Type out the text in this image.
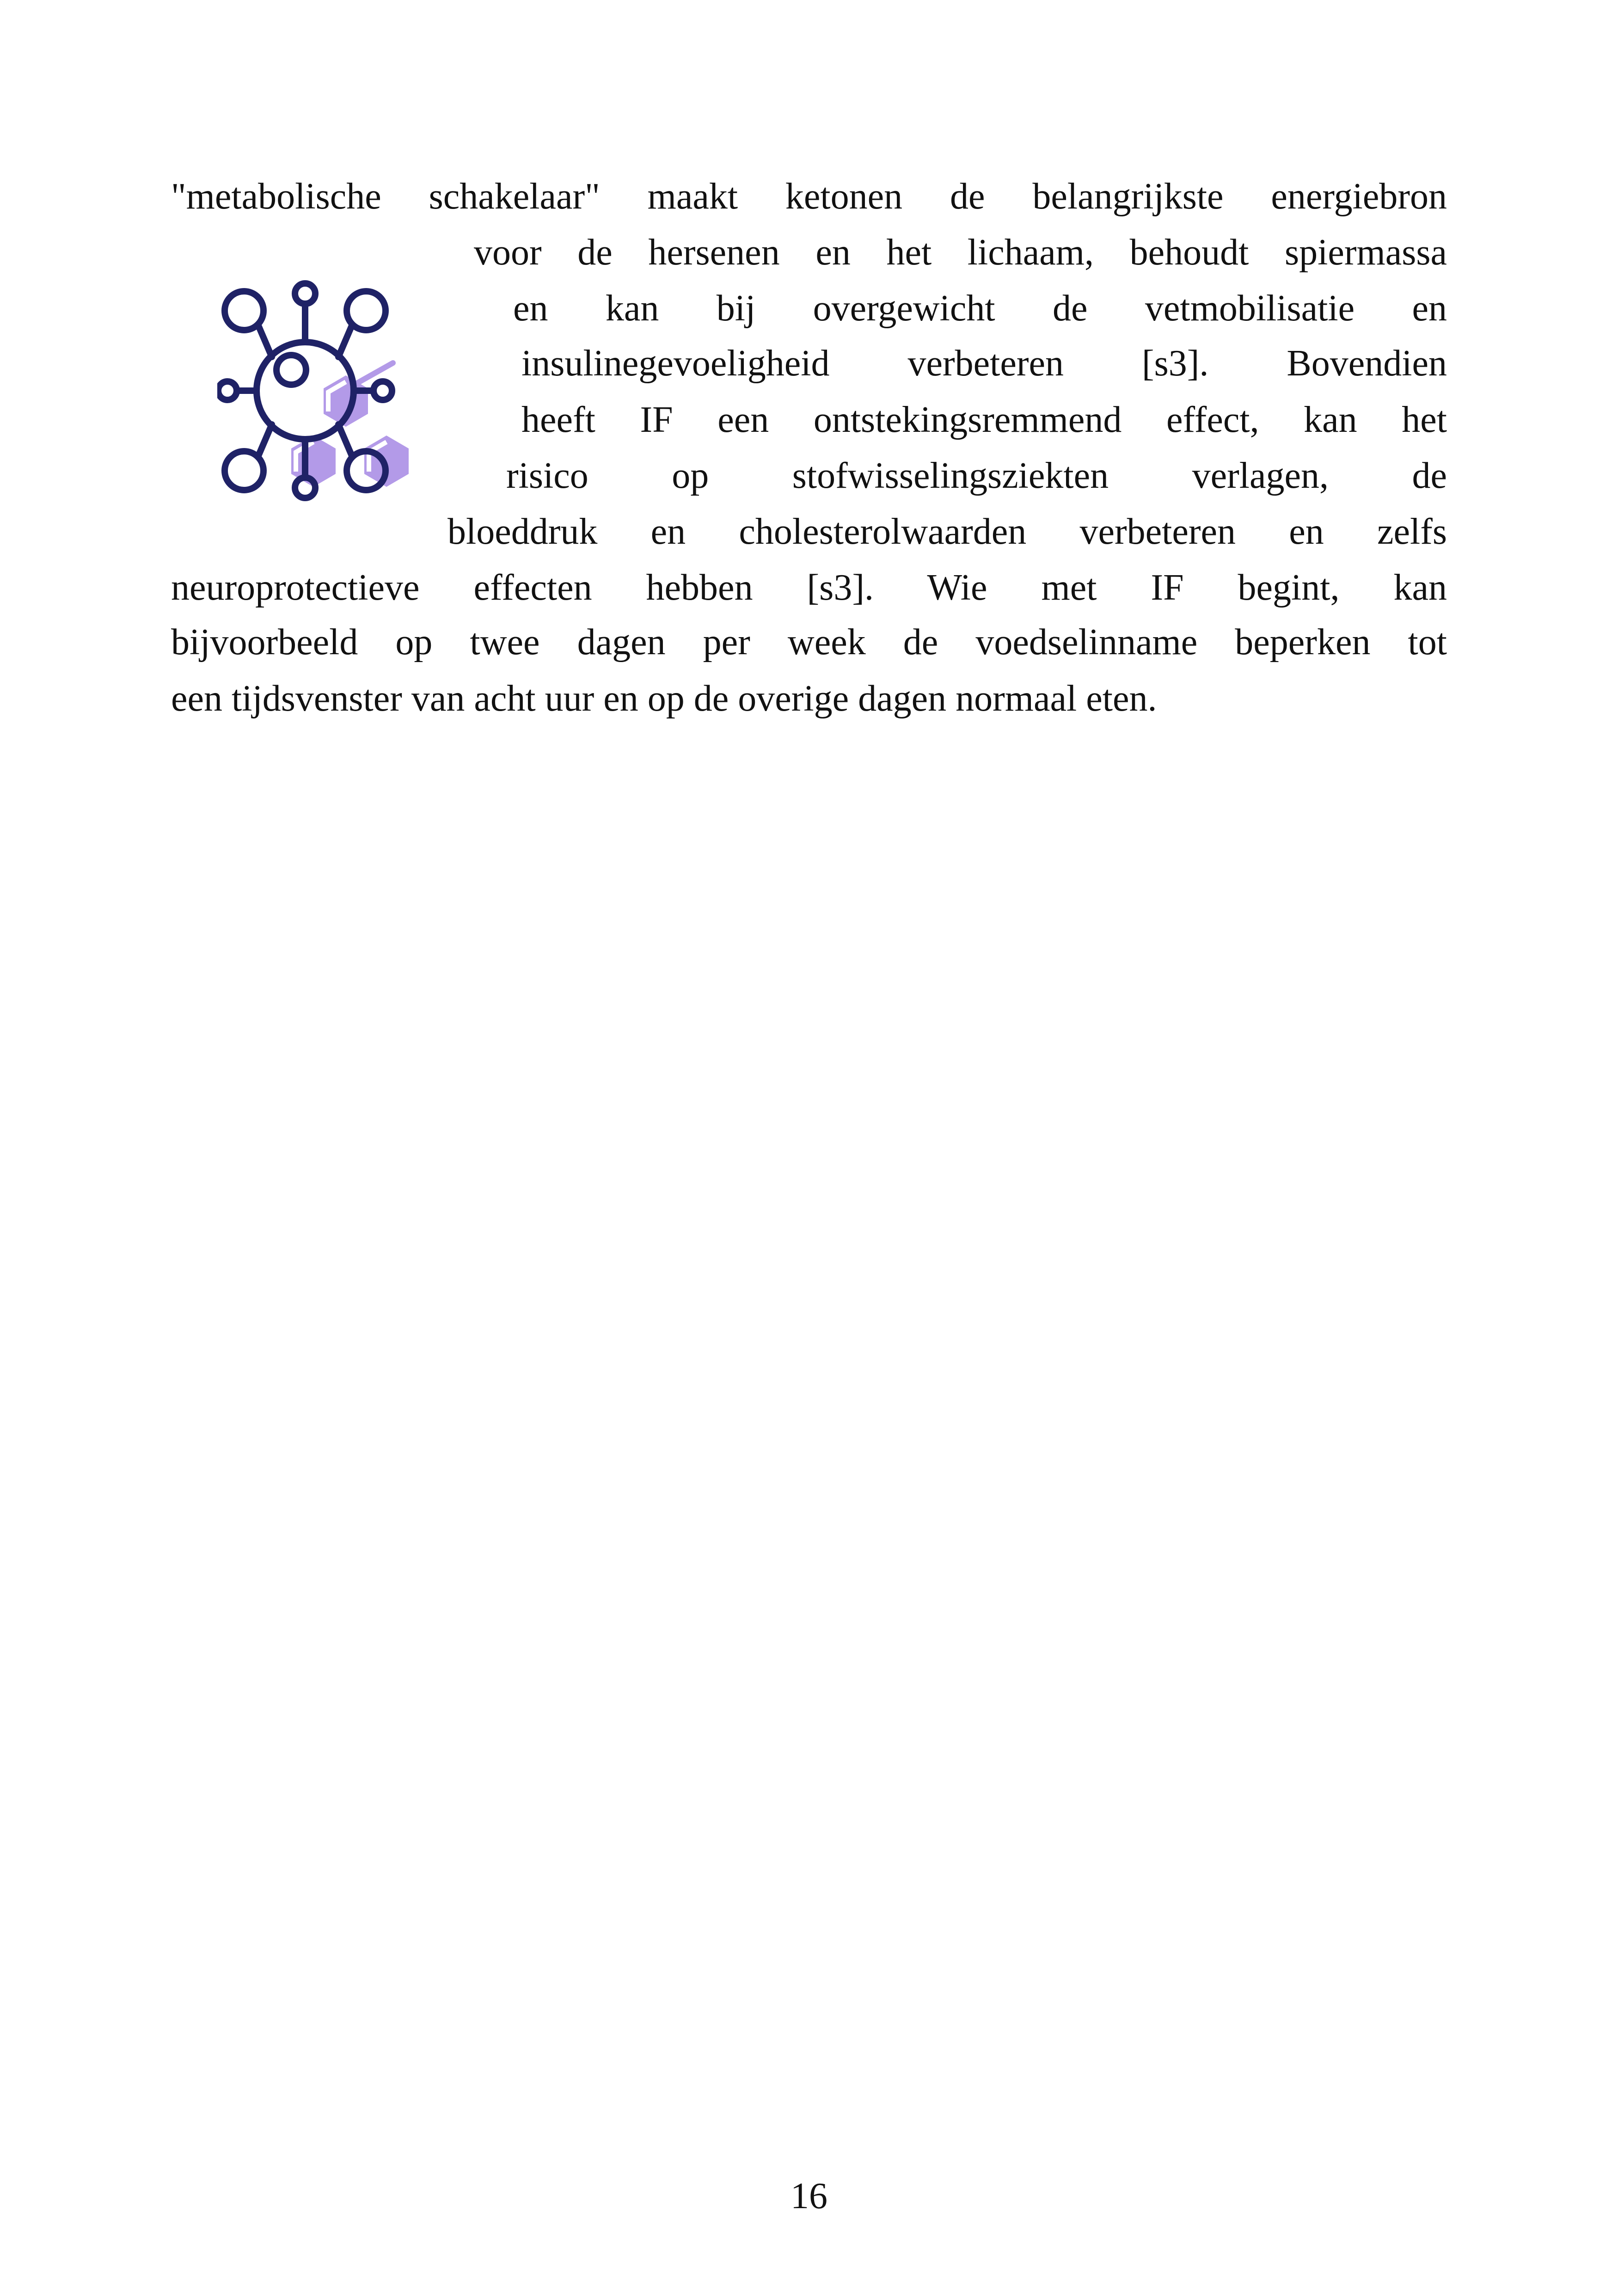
"metabolische schakelaar" maakt ketonen de belangrijkste energiebron
voor de hersenen en het lichaam, behoudt spiermassa
en kan bij overgewicht de vetmobilisatie en
insulinegevoeligheid verbeteren [s3]. Bovendien
heeft IF een ontstekingsremmend effect, kan het
risico op stofwisselingsziekten verlagen, de
bloeddruk en cholesterolwaarden verbeteren en zelfs
neuroprotectieve effecten hebben [s3]. Wie met IF begint, kan
bijvoorbeeld op twee dagen per week de voedselinname beperken tot
een tijdsvenster van acht uur en op de overige dagen normaal eten.
16
